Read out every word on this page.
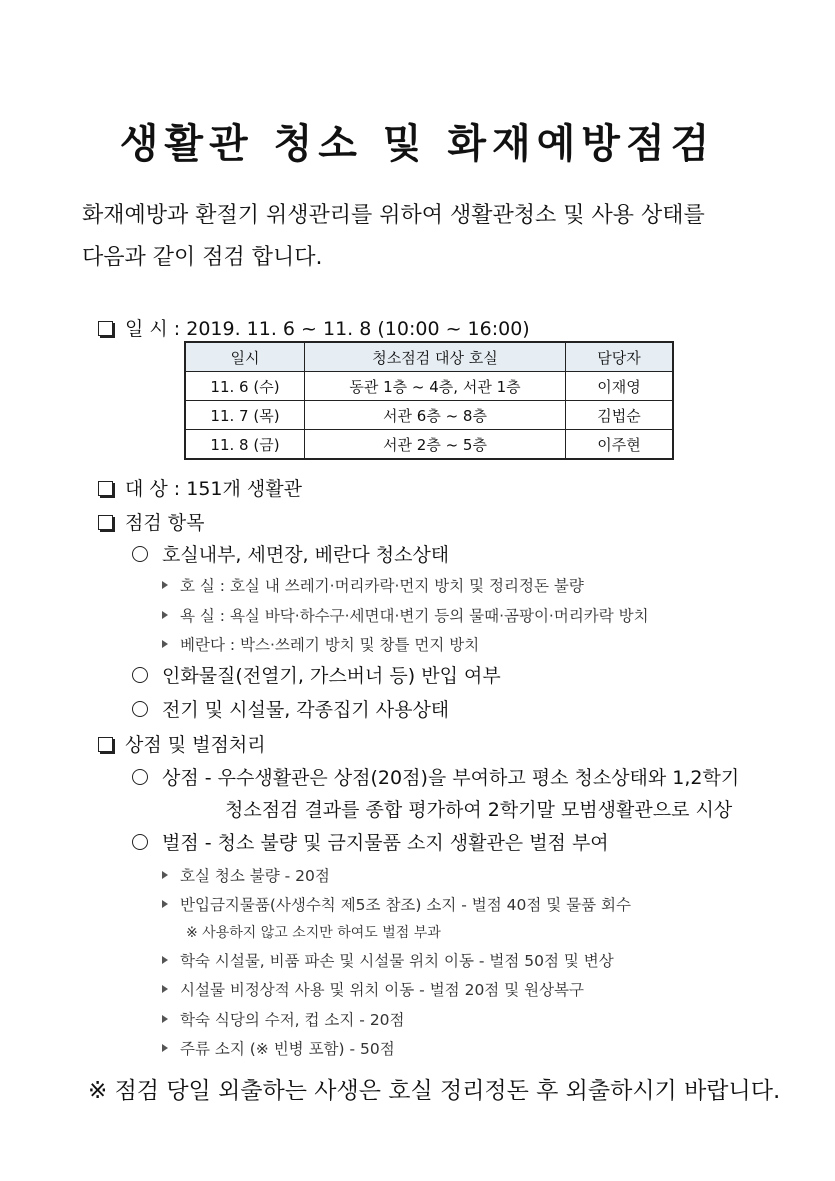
생활관 청소 및 화재예방점검
화재예방과 환절기 위생관리를 위하여 생활관청소 및 사용 상태를
다음과 같이 점검 합니다.
일 시 : 2019. 11. 6 ~ 11. 8 (10:00 ~ 16:00)
일시	청소점검 대상 호실	담당자
11. 6 (수)	동관 1층 ~ 4층, 서관 1층	이재영
11. 7 (목)	서관 6층 ~ 8층	김법순
11. 8 (금)	서관 2층 ~ 5층	이주현
대 상 : 151개 생활관
점검 항목
호실내부, 세면장, 베란다 청소상태
호 실 : 호실 내 쓰레기·머리카락·먼지 방치 및 정리정돈 불량
욕 실 : 욕실 바닥·하수구·세면대·변기 등의 물때·곰팡이·머리카락 방치
베란다 : 박스·쓰레기 방치 및 창틀 먼지 방치
인화물질(전열기, 가스버너 등) 반입 여부
전기 및 시설물, 각종집기 사용상태
상점 및 벌점처리
상점 - 우수생활관은 상점(20점)을 부여하고 평소 청소상태와 1,2학기
청소점검 결과를 종합 평가하여 2학기말 모범생활관으로 시상
벌점 - 청소 불량 및 금지물품 소지 생활관은 벌점 부여
호실 청소 불량 - 20점
반입금지물품(사생수칙 제5조 참조) 소지 - 벌점 40점 및 물품 회수
※ 사용하지 않고 소지만 하여도 벌점 부과
학숙 시설물, 비품 파손 및 시설물 위치 이동 - 벌점 50점 및 변상
시설물 비정상적 사용 및 위치 이동 - 벌점 20점 및 원상복구
학숙 식당의 수저, 컵 소지 - 20점
주류 소지 (※ 빈병 포함) - 50점
※ 점검 당일 외출하는 사생은 호실 정리정돈 후 외출하시기 바랍니다.
